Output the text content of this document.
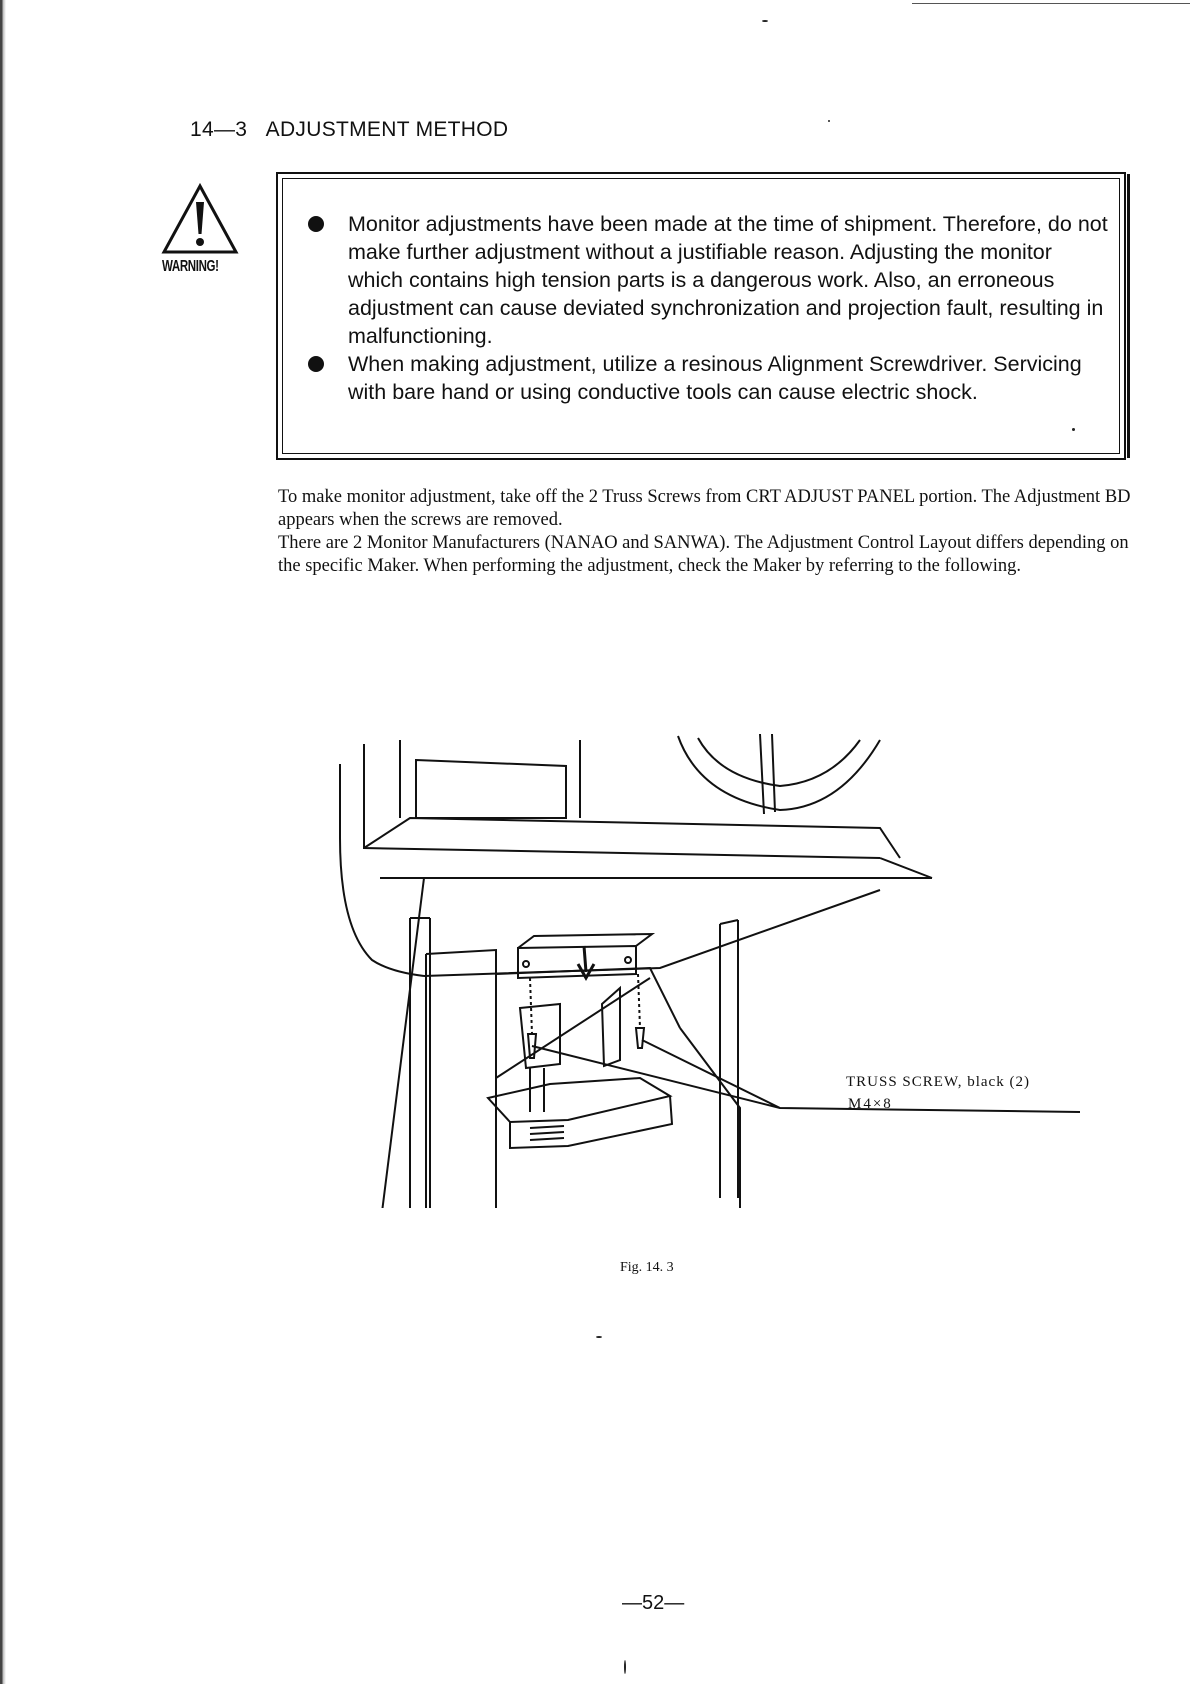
14—3 ADJUSTMENT METHOD
WARNING!
Monitor adjustments have been made at the time of shipment. Therefore, do not make further adjustment without a justifiable reason. Adjusting the monitor which contains high tension parts is a dangerous work. Also, an erroneous adjustment can cause deviated synchronization and projection fault, resulting in malfunctioning.
When making adjustment, utilize a resinous Alignment Screwdriver. Servicing with bare hand or using conductive tools can cause electric shock.

To make monitor adjustment, take off the 2 Truss Screws from CRT ADJUST PANEL portion. The Adjustment BD appears when the screws are removed.

There are 2 Monitor Manufacturers (NANAO and SANWA). The Adjustment Control Layout differs depending on the specific Maker. When performing the adjustment, check the Maker by referring to the following.

TRUSS SCREW, black (2)
M4×8
Fig. 14. 3
—52—
